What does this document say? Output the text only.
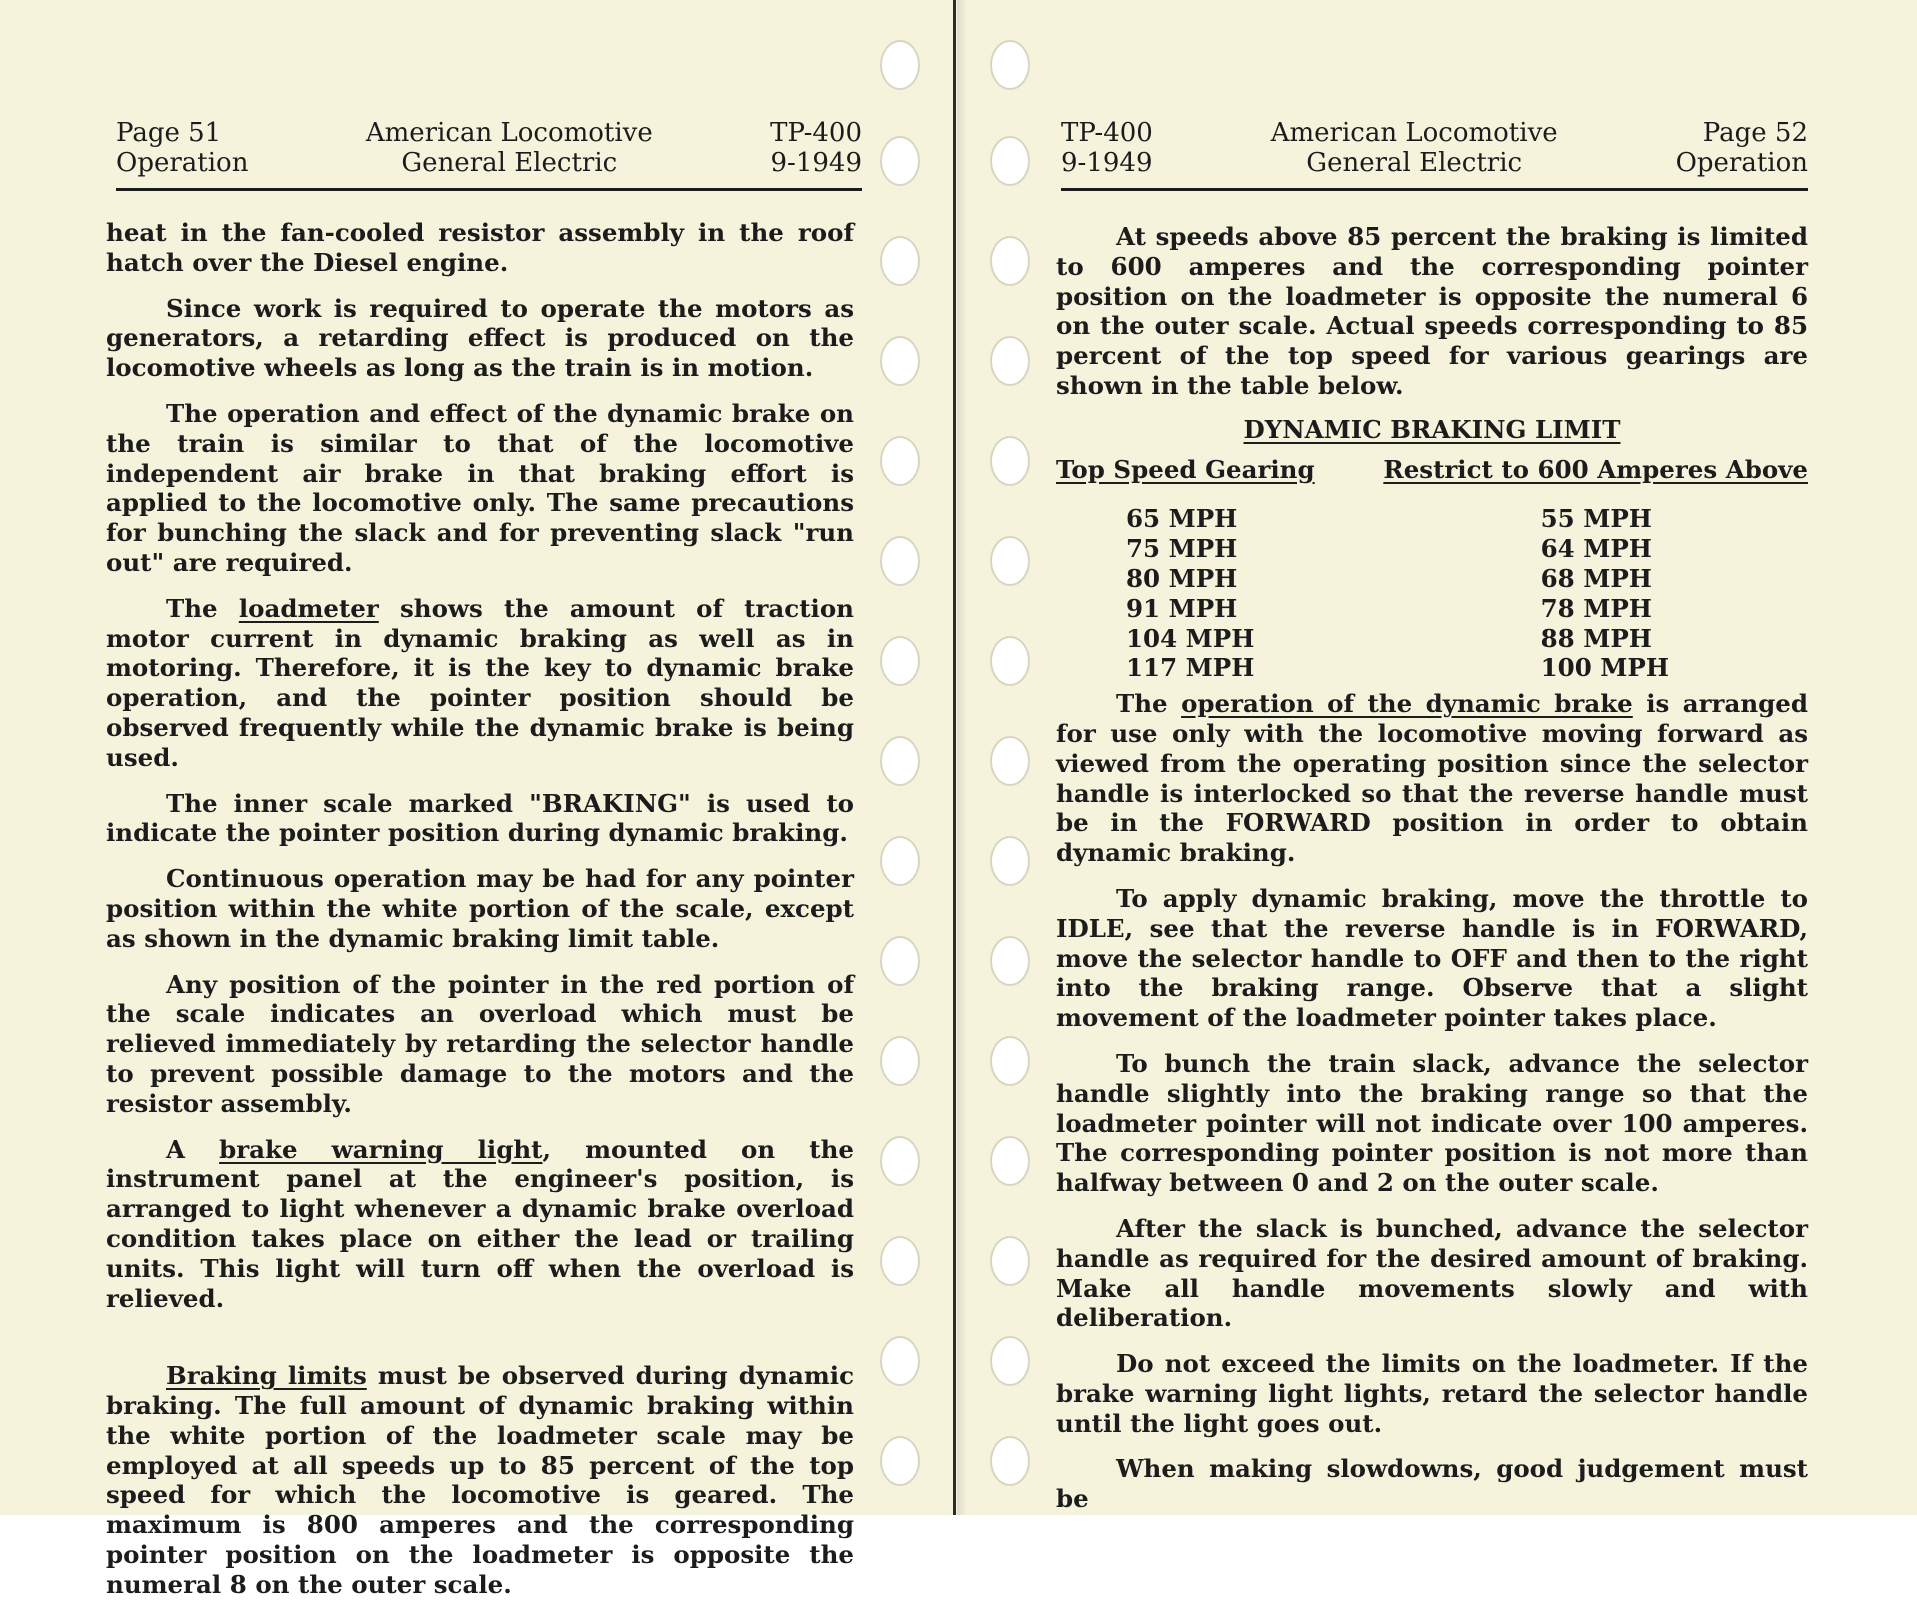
Page 51
Operation
American Locomotive
General Electric
TP-400
9-1949

heat in the fan-cooled resistor assembly in the roof hatch over the Diesel engine.

Since work is required to operate the motors as generators, a retarding effect is produced on the locomotive wheels as long as the train is in motion.

The operation and effect of the dynamic brake on the train is similar to that of the locomotive independent air brake in that braking effort is applied to the locomotive only. The same precautions for bunching the slack and for preventing slack "run out" are required.

The loadmeter shows the amount of traction motor current in dynamic braking as well as in motoring. Therefore, it is the key to dynamic brake operation, and the pointer position should be observed frequently while the dynamic brake is being used.

The inner scale marked "BRAKING" is used to indicate the pointer position during dynamic braking.

Continuous operation may be had for any pointer position within the white portion of the scale, except as shown in the dynamic braking limit table.

Any position of the pointer in the red portion of the scale indicates an overload which must be relieved immediately by retarding the selector handle to prevent possible damage to the motors and the resistor assembly.

A brake warning light, mounted on the instrument panel at the engineer's position, is arranged to light whenever a dynamic brake overload condition takes place on either the lead or trailing units. This light will turn off when the overload is relieved.

Braking limits must be observed during dynamic braking. The full amount of dynamic braking within the white portion of the loadmeter scale may be employed at all speeds up to 85 percent of the top speed for which the locomotive is geared. The maximum is 800 amperes and the corresponding pointer position on the loadmeter is opposite the numeral 8 on the outer scale.

TP-400
9-1949
American Locomotive
General Electric
Page 52
Operation

At speeds above 85 percent the braking is limited to 600 amperes and the corresponding pointer position on the loadmeter is opposite the numeral 6 on the outer scale. Actual speeds corresponding to 85 percent of the top speed for various gearings are shown in the table below.

DYNAMIC BRAKING LIMIT
Top Speed Gearing	Restrict to 600 Amperes Above
65 MPH	55 MPH
75 MPH	64 MPH
80 MPH	68 MPH
91 MPH	78 MPH
104 MPH	88 MPH
117 MPH	100 MPH

The operation of the dynamic brake is arranged for use only with the locomotive moving forward as viewed from the operating position since the selector handle is interlocked so that the reverse handle must be in the FORWARD position in order to obtain dynamic braking.

To apply dynamic braking, move the throttle to IDLE, see that the reverse handle is in FORWARD, move the selector handle to OFF and then to the right into the braking range. Observe that a slight movement of the loadmeter pointer takes place.

To bunch the train slack, advance the selector handle slightly into the braking range so that the loadmeter pointer will not indicate over 100 amperes. The corresponding pointer position is not more than halfway between 0 and 2 on the outer scale.

After the slack is bunched, advance the selector handle as required for the desired amount of braking. Make all handle movements slowly and with deliberation.

Do not exceed the limits on the loadmeter. If the brake warning light lights, retard the selector handle until the light goes out.

When making slowdowns, good judgement must be
